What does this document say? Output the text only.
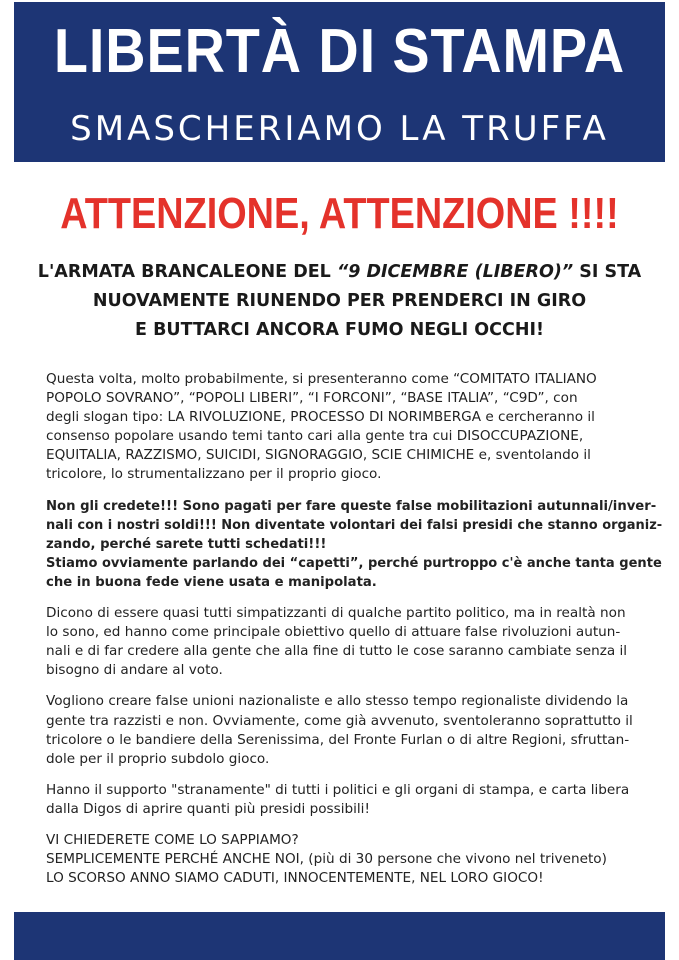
LIBERTÀ DI STAMPA
SMASCHERIAMO LA TRUFFA
ATTENZIONE, ATTENZIONE !!!!
L'ARMATA BRANCALEONE DEL “9 DICEMBRE (LIBERO)” SI STA
NUOVAMENTE RIUNENDO PER PRENDERCI IN GIRO
E BUTTARCI ANCORA FUMO NEGLI OCCHI!
Questa volta, molto probabilmente, si presenteranno come “COMITATO ITALIANO
POPOLO SOVRANO”, “POPOLI LIBERI”, “I FORCONI”, “BASE ITALIA”, “C9D”, con
degli slogan tipo: LA RIVOLUZIONE, PROCESSO DI NORIMBERGA e cercheranno il
consenso popolare usando temi tanto cari alla gente tra cui DISOCCUPAZIONE,
EQUITALIA, RAZZISMO, SUICIDI, SIGNORAGGIO, SCIE CHIMICHE e, sventolando il
tricolore, lo strumentalizzano per il proprio gioco.
Non gli credete!!! Sono pagati per fare queste false mobilitazioni autunnali/inver-
nali con i nostri soldi!!! Non diventate volontari dei falsi presidi che stanno organiz-
zando, perché sarete tutti schedati!!!
Stiamo ovviamente parlando dei “capetti”, perché purtroppo c'è anche tanta gente
che in buona fede viene usata e manipolata.
Dicono di essere quasi tutti simpatizzanti di qualche partito politico, ma in realtà non
lo sono, ed hanno come principale obiettivo quello di attuare false rivoluzioni autun-
nali e di far credere alla gente che alla fine di tutto le cose saranno cambiate senza il
bisogno di andare al voto.
Vogliono creare false unioni nazionaliste e allo stesso tempo regionaliste dividendo la
gente tra razzisti e non. Ovviamente, come già avvenuto, sventoleranno soprattutto il
tricolore o le bandiere della Serenissima, del Fronte Furlan o di altre Regioni, sfruttan-
dole per il proprio subdolo gioco.
Hanno il supporto "stranamente" di tutti i politici e gli organi di stampa, e carta libera
dalla Digos di aprire quanti più presidi possibili!
VI CHIEDERETE COME LO SAPPIAMO?
SEMPLICEMENTE PERCHÉ ANCHE NOI, (più di 30 persone che vivono nel triveneto)
LO SCORSO ANNO SIAMO CADUTI, INNOCENTEMENTE, NEL LORO GIOCO!
